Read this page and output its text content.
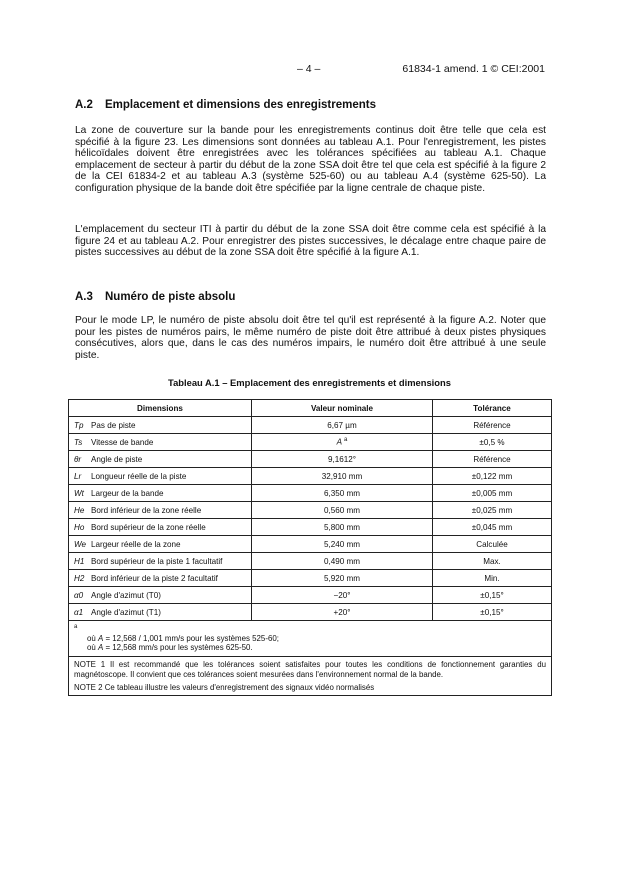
– 4 –	61834-1 amend. 1 © CEI:2001
A.2 Emplacement et dimensions des enregistrements

La zone de couverture sur la bande pour les enregistrements continus doit être telle que cela est spécifié à la figure 23. Les dimensions sont données au tableau A.1. Pour l'enregistrement, les pistes hélicoïdales doivent être enregistrées avec les tolérances spécifiées au tableau A.1. Chaque emplacement de secteur à partir du début de la zone SSA doit être tel que cela est spécifié à la figure 2 de la CEI 61834-2 et au tableau A.3 (système 525-60) ou au tableau A.4 (système 625-50). La configuration physique de la bande doit être spécifiée par la ligne centrale de chaque piste.

L'emplacement du secteur ITI à partir du début de la zone SSA doit être comme cela est spécifié à la figure 24 et au tableau A.2. Pour enregistrer des pistes successives, le décalage entre chaque paire de pistes successives au début de la zone SSA doit être spécifié à la figure A.1.

A.3 Numéro de piste absolu

Pour le mode LP, le numéro de piste absolu doit être tel qu'il est représenté à la figure A.2. Noter que pour les pistes de numéros pairs, le même numéro de piste doit être attribué à deux pistes physiques consécutives, alors que, dans le cas des numéros impairs, le numéro doit être attribué à une seule piste.

Tableau A.1 – Emplacement des enregistrements et dimensions
Dimensions	Valeur nominale	Tolérance
Tp Pas de piste	6,67 µm	Référence
Ts Vitesse de bande	A $^a$	±0,5 %
θr Angle de piste	9,1612°	Référence
Lr Longueur réelle de la piste	32,910 mm	±0,122 mm
Wt Largeur de la bande	6,350 mm	±0,005 mm
He Bord inférieur de la zone réelle	0,560 mm	±0,025 mm
Ho Bord supérieur de la zone réelle	5,800 mm	±0,045 mm
We Largeur réelle de la zone	5,240 mm	Calculée
H1 Bord supérieur de la piste 1 facultatif	0,490 mm	Max.
H2 Bord inférieur de la piste 2 facultatif	5,920 mm	Min.
α0 Angle d'azimut (T0)	−20°	±0,15°
α1 Angle d'azimut (T1)	+20°	±0,15°
$^a$
où A = 12,568 / 1,001 mm/s pour les systèmes 525-60;
où A = 12,568 mm/s pour les systèmes 625-50.		

NOTE 1 Il est recommandé que les tolérances soient satisfaites pour toutes les conditions de fonctionnement garanties du magnétoscope. Il convient que ces tolérances soient mesurées dans l'environnement normal de la bande.
NOTE 2 Ce tableau illustre les valeurs d'enregistrement des signaux vidéo normalisés		
